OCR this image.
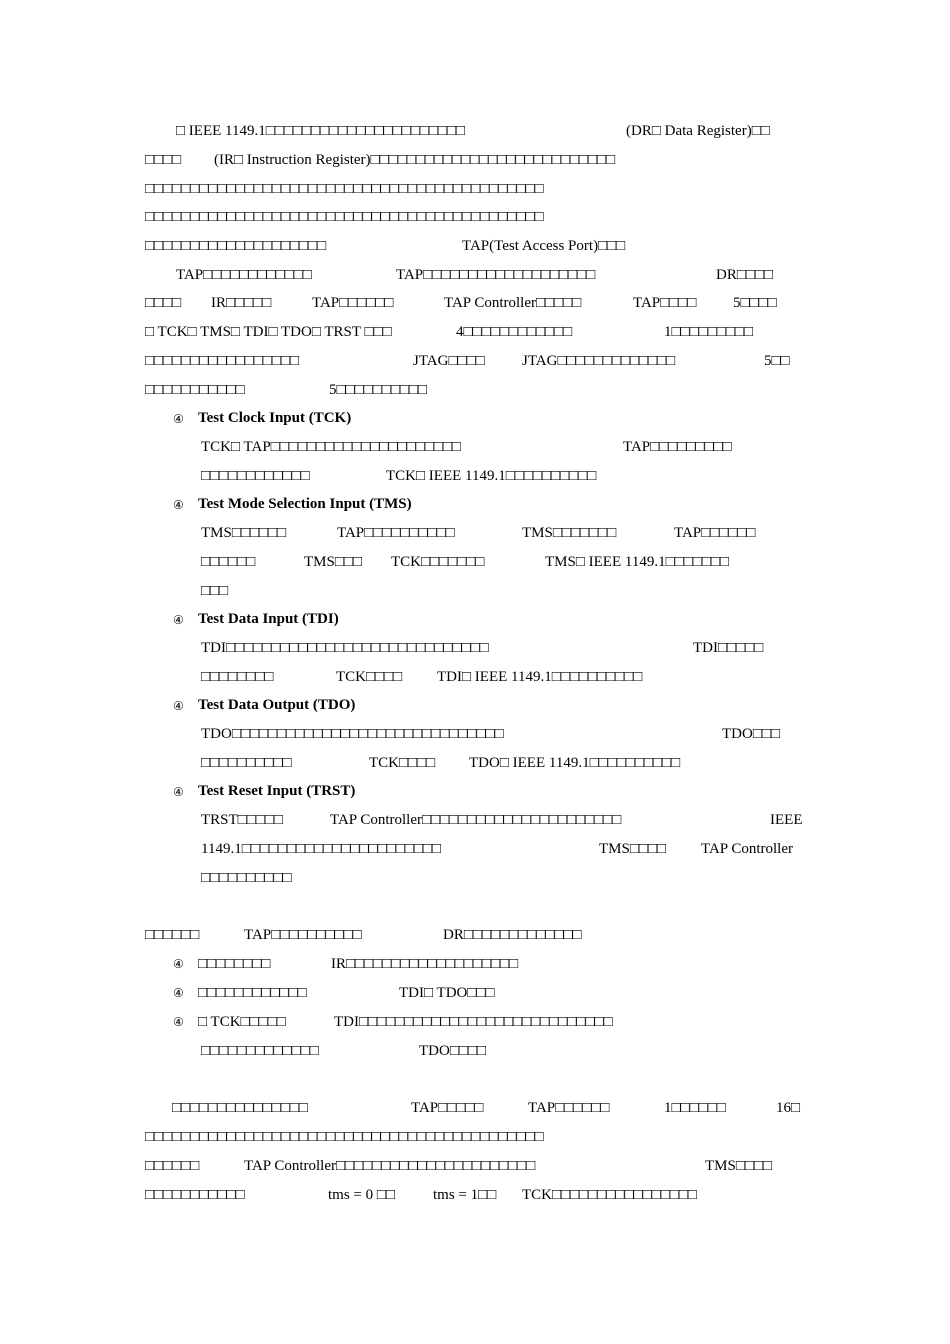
□ IEEE 1149.1□□□□□□□□□□□□□□□□□□□□□□	(DR□ Data Register)□□
□□□□ (IR□ Instruction Register)□□□□□□□□□□□□□□□□□□□□□□□□□□□
□□□□□□□□□□□□□□□□□□□□□□□□□□□□□□□□□□□□□□□□□□□□
□□□□□□□□□□□□□□□□□□□□□□□□□□□□□□□□□□□□□□□□□□□□
□□□□□□□□□□□□□□□□□□□□	TAP(Test Access Port)□□□
TAP□□□□□□□□□□□□	TAP□□□□□□□□□□□□□□□□□□□	DR□□□□
□□□□ IR□□□□□	TAP□□□□□□	TAP Controller□□□□□	TAP□□□□ 5□□□□
□ TCK□ TMS□ TDI□ TDO□ TRST □□□	4□□□□□□□□□□□□	1□□□□□□□□□
□□□□□□□□□□□□□□□□□	JTAG□□□□ JTAG□□□□□□□□□□□□□	5□□
□□□□□□□□□□□	5□□□□□□□□□□
④ Test Clock Input (TCK)
TCK□ TAP□□□□□□□□□□□□□□□□□□□□□	TAP□□□□□□□□□
□□□□□□□□□□□□	TCK□ IEEE 1149.1□□□□□□□□□□
④ Test Mode Selection Input (TMS)
TMS□□□□□□	TAP□□□□□□□□□□	TMS□□□□□□□	TAP□□□□□□
□□□□□□	TMS□□□ TCK□□□□□□□	TMS□ IEEE 1149.1□□□□□□□
□□□
④ Test Data Input (TDI)
TDI□□□□□□□□□□□□□□□□□□□□□□□□□□□□□	TDI□□□□□
□□□□□□□□	TCK□□□□ TDI□ IEEE 1149.1□□□□□□□□□□
④ Test Data Output (TDO)
TDO□□□□□□□□□□□□□□□□□□□□□□□□□□□□□□	TDO□□□
□□□□□□□□□□	TCK□□□□ TDO□ IEEE 1149.1□□□□□□□□□□
④ Test Reset Input (TRST)
TRST□□□□□	TAP Controller□□□□□□□□□□□□□□□□□□□□□□	IEEE
1149.1□□□□□□□□□□□□□□□□□□□□□□	TMS□□□□ TAP Controller
□□□□□□□□□□
□□□□□□	TAP□□□□□□□□□□	DR□□□□□□□□□□□□□
④ □□□□□□□□	IR□□□□□□□□□□□□□□□□□□□
④ □□□□□□□□□□□□	TDI□ TDO□□□
④ □ TCK□□□□□	TDI□□□□□□□□□□□□□□□□□□□□□□□□□□□□
□□□□□□□□□□□□□	TDO□□□□
□□□□□□□□□□□□□□□	TAP□□□□□	TAP□□□□□□	1□□□□□□	16□
□□□□□□□□□□□□□□□□□□□□□□□□□□□□□□□□□□□□□□□□□□□□
□□□□□□	TAP Controller□□□□□□□□□□□□□□□□□□□□□□	TMS□□□□
□□□□□□□□□□□	tms = 0 □□	tms = 1□□ TCK□□□□□□□□□□□□□□□□
